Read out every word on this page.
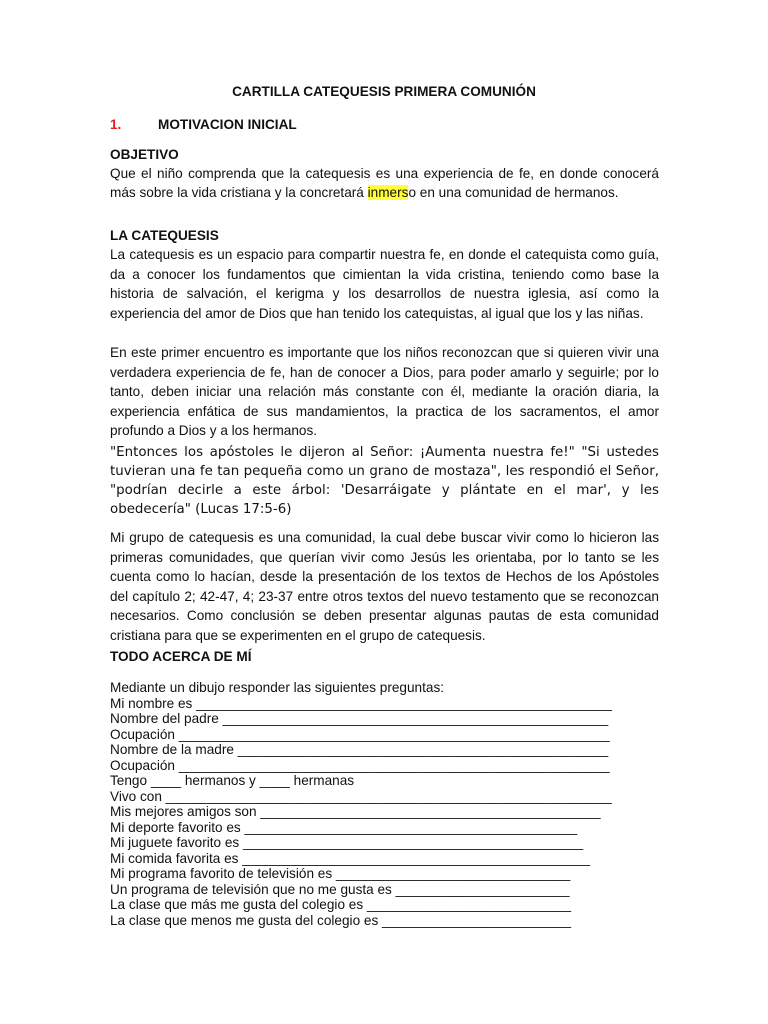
CARTILLA CATEQUESIS PRIMERA COMUNIÓN
1.	MOTIVACION INICIAL
OBJETIVO

Que el niño comprenda que la catequesis es una experiencia de fe, en donde conocerá más sobre la vida cristiana y la concretará inmerso en una comunidad de hermanos.

LA CATEQUESIS

La catequesis es un espacio para compartir nuestra fe, en donde el catequista como guía, da a conocer los fundamentos que cimientan la vida cristina, teniendo como base la historia de salvación, el kerigma y los desarrollos de nuestra iglesia, así como la experiencia del amor de Dios que han tenido los catequistas, al igual que los y las niñas.

En este primer encuentro es importante que los niños reconozcan que si quieren vivir una verdadera experiencia de fe, han de conocer a Dios, para poder amarlo y seguirle; por lo tanto, deben iniciar una relación más constante con él, mediante la oración diaria, la experiencia enfática de sus mandamientos, la practica de los sacramentos, el amor profundo a Dios y a los hermanos.

"Entonces los apóstoles le dijeron al Señor: ¡Aumenta nuestra fe!" "Si ustedes tuvieran una fe tan pequeña como un grano de mostaza", les respondió el Señor, "podrían decirle a este árbol: 'Desarráigate y plántate en el mar', y les obedecería" (Lucas 17:5-6)

Mi grupo de catequesis es una comunidad, la cual debe buscar vivir como lo hicieron las primeras comunidades, que querían vivir como Jesús les orientaba, por lo tanto se les cuenta como lo hacían, desde la presentación de los textos de Hechos de los Apóstoles del capítulo 2; 42-47, 4; 23-37 entre otros textos del nuevo testamento que se reconozcan necesarios. Como conclusión se deben presentar algunas pautas de esta comunidad cristiana para que se experimenten en el grupo de catequesis.

TODO ACERCA DE MÍ
Mediante un dibujo responder las siguientes preguntas:
Mi nombre es _______________________________________________________
Nombre del padre ___________________________________________________
Ocupación _________________________________________________________
Nombre de la madre _________________________________________________
Ocupación _________________________________________________________
Tengo ____ hermanos y ____ hermanas
Vivo con ___________________________________________________________
Mis mejores amigos son _____________________________________________
Mi deporte favorito es ____________________________________________
Mi juguete favorito es _____________________________________________
Mi comida favorita es ______________________________________________
Mi programa favorito de televisión es _______________________________
Un programa de televisión que no me gusta es _______________________
La clase que más me gusta del colegio es ___________________________
La clase que menos me gusta del colegio es _________________________
